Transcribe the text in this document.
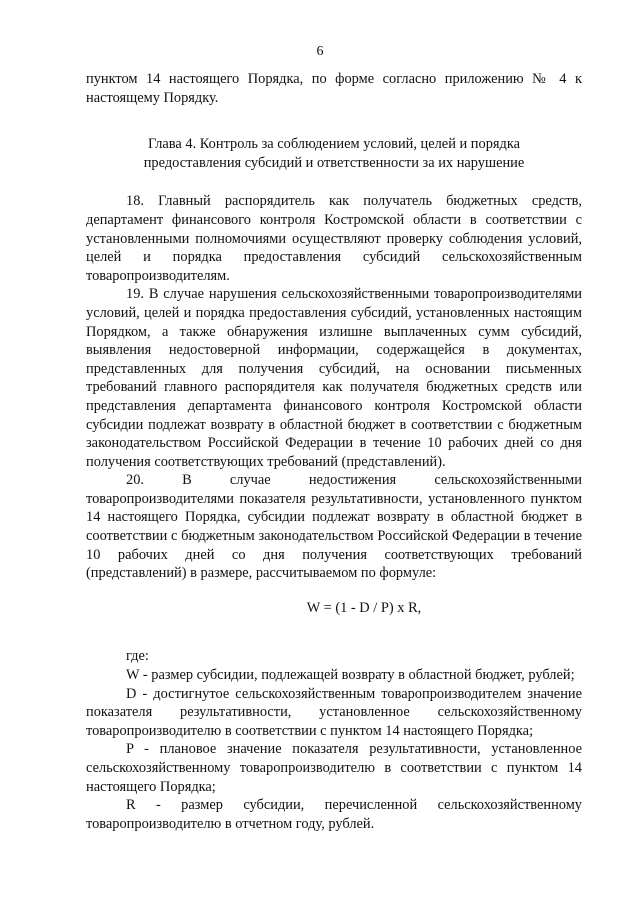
6

пунктом 14 настоящего Порядка, по форме согласно приложению № 4 к настоящему Порядку.

Глава 4. Контроль за соблюдением условий, целей и порядка
предоставления субсидий и ответственности за их нарушение

18. Главный распорядитель как получатель бюджетных средств, департамент финансового контроля Костромской области в соответствии с установленными полномочиями осуществляют проверку соблюдения условий, целей и порядка предоставления субсидий сельскохозяйственным товаропроизводителям.

19. В случае нарушения сельскохозяйственными товаропроизводителями условий, целей и порядка предоставления субсидий, установленных настоящим Порядком, а также обнаружения излишне выплаченных сумм субсидий, выявления недостоверной информации, содержащейся в документах, представленных для получения субсидий, на основании письменных требований главного распорядителя как получателя бюджетных средств или представления департамента финансового контроля Костромской области субсидии подлежат возврату в областной бюджет в соответствии с бюджетным законодательством Российской Федерации в течение 10 рабочих дней со дня получения соответствующих требований (представлений).

20. В случае недостижения сельскохозяйственными товаропроизводителями показателя результативности, установленного пунктом 14 настоящего Порядка, субсидии подлежат возврату в областной бюджет в соответствии с бюджетным законодательством Российской Федерации в течение 10 рабочих дней со дня получения соответствующих требований (представлений) в размере, рассчитываемом по формуле:

W = (1 - D / P) x R,

где:

W - размер субсидии, подлежащей возврату в областной бюджет, рублей;

D - достигнутое сельскохозяйственным товаропроизводителем значение показателя результативности, установленное сельскохозяйственному товаропроизводителю в соответствии с пунктом 14 настоящего Порядка;

P - плановое значение показателя результативности, установленное сельскохозяйственному товаропроизводителю в соответствии с пунктом 14 настоящего Порядка;

R - размер субсидии, перечисленной сельскохозяйственному товаропроизводителю в отчетном году, рублей.
